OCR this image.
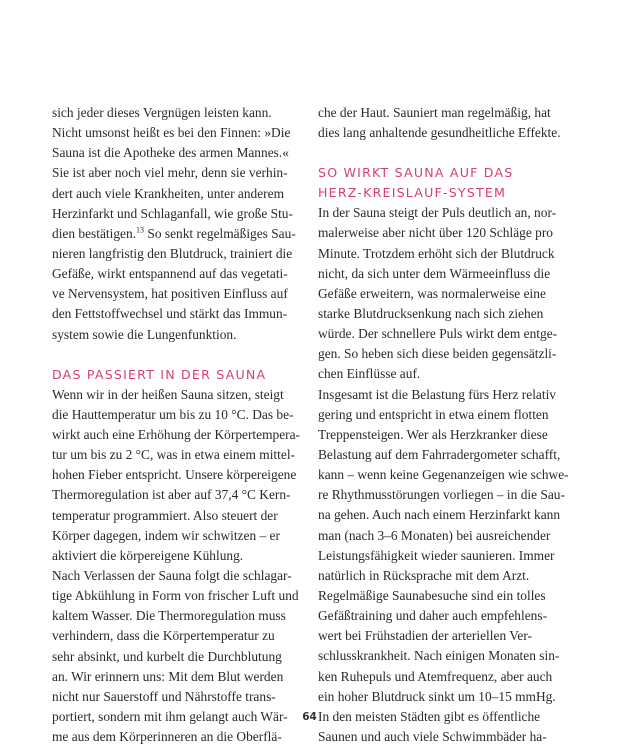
sich jeder dieses Vergnügen leisten kann.
Nicht umsonst heißt es bei den Finnen: »Die
Sauna ist die Apotheke des armen Mannes.«
Sie ist aber noch viel mehr, denn sie verhin-
dert auch viele Krankheiten, unter anderem
Herzinfarkt und Schlaganfall, wie große Stu-
dien bestätigen.$^{13}$ So senkt regelmäßiges Sau-
nieren langfristig den Blutdruck, trainiert die
Gefäße, wirkt entspannend auf das vegetati-
ve Nervensystem, hat positiven Einfluss auf
den Fettstoffwechsel und stärkt das Immun-
system sowie die Lungenfunktion.
DAS PASSIERT IN DER SAUNA
Wenn wir in der heißen Sauna sitzen, steigt
die Hauttemperatur um bis zu 10 °C. Das be-
wirkt auch eine Erhöhung der Körpertempera-
tur um bis zu 2 °C, was in etwa einem mittel-
hohen Fieber entspricht. Unsere körpereigene
Thermoregulation ist aber auf 37,4 °C Kern-
temperatur programmiert. Also steuert der
Körper dagegen, indem wir schwitzen – er
aktiviert die körpereigene Kühlung.
Nach Verlassen der Sauna folgt die schlagar-
tige Abkühlung in Form von frischer Luft und
kaltem Wasser. Die Thermoregulation muss
verhindern, dass die Körpertemperatur zu
sehr absinkt, und kurbelt die Durchblutung
an. Wir erinnern uns: Mit dem Blut werden
nicht nur Sauerstoff und Nährstoffe trans-
portiert, sondern mit ihm gelangt auch Wär-
me aus dem Körperinneren an die Oberflä-
che der Haut. Sauniert man regelmäßig, hat
dies lang anhaltende gesundheitliche Effekte.
SO WIRKT SAUNA AUF DAS
HERZ-KREISLAUF-SYSTEM
In der Sauna steigt der Puls deutlich an, nor-
malerweise aber nicht über 120 Schläge pro
Minute. Trotzdem erhöht sich der Blutdruck
nicht, da sich unter dem Wärmeeinfluss die
Gefäße erweitern, was normalerweise eine
starke Blutdrucksenkung nach sich ziehen
würde. Der schnellere Puls wirkt dem entge-
gen. So heben sich diese beiden gegensätzli-
chen Einflüsse auf.
Insgesamt ist die Belastung fürs Herz relativ
gering und entspricht in etwa einem flotten
Treppensteigen. Wer als Herzkranker diese
Belastung auf dem Fahrradergometer schafft,
kann – wenn keine Gegenanzeigen wie schwe-
re Rhythmusstörungen vorliegen – in die Sau-
na gehen. Auch nach einem Herzinfarkt kann
man (nach 3–6 Monaten) bei ausreichender
Leistungsfähigkeit wieder saunieren. Immer
natürlich in Rücksprache mit dem Arzt.
Regelmäßige Saunabesuche sind ein tolles
Gefäßtraining und daher auch empfehlens-
wert bei Frühstadien der arteriellen Ver-
schlusskrankheit. Nach einigen Monaten sin-
ken Ruhepuls und Atemfrequenz, aber auch
ein hoher Blutdruck sinkt um 10–15 mmHg.
In den meisten Städten gibt es öffentliche
Saunen und auch viele Schwimmbäder ha-
64
